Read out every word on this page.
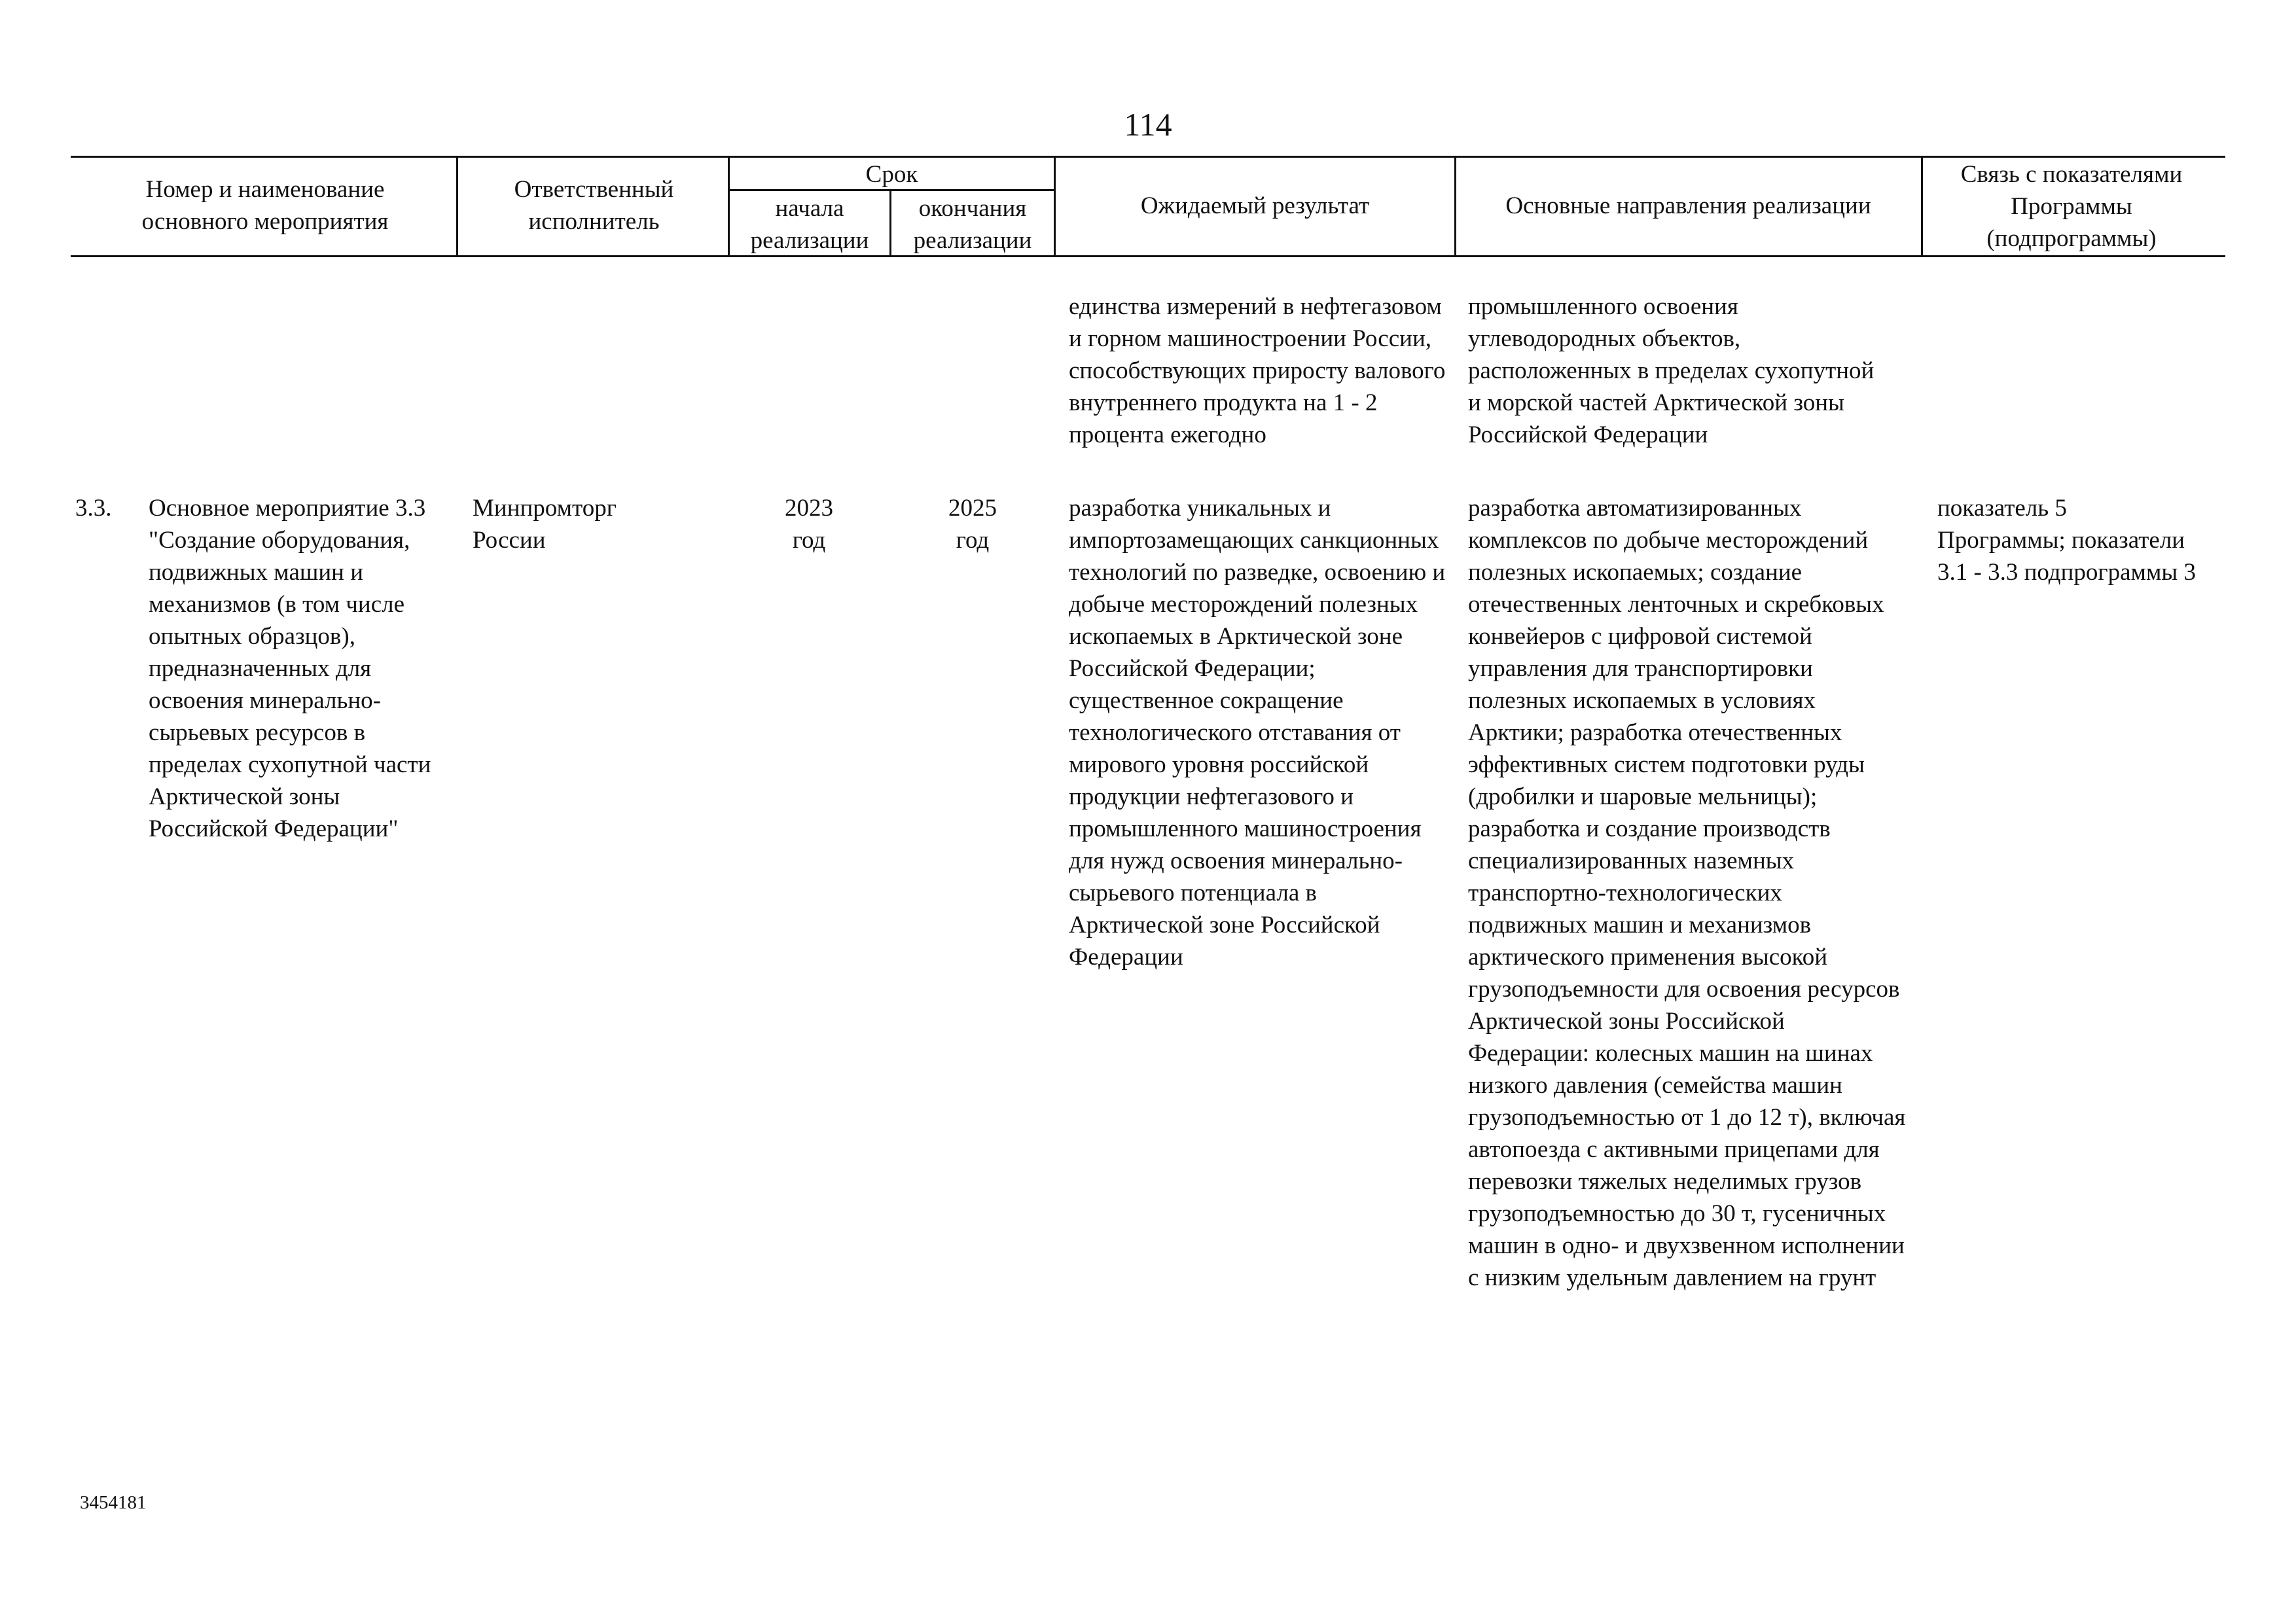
114
Номер и наименование основного мероприятия
Ответственный исполнитель
Срок
начала реализации
окончания реализации
Ожидаемый результат	Основные направления реализации
Связь с показателями Программы (подпрограммы)
единства измерений в нефтегазовом и горном машиностроении России, способствующих приросту валового внутреннего продукта на 1 - 2 процента ежегодно
промышленного освоения углеводородных объектов, расположенных в пределах сухопутной и морской частей Арктической зоны Российской Федерации
3.3.	Основное мероприятие 3.3 "Создание оборудования, подвижных машин и механизмов (в том числе опытных образцов), предназначенных для освоения минерально-сырьевых ресурсов в пределах сухопутной части Арктической зоны Российской Федерации"
Минпромторг России
2023 год
2025 год
разработка уникальных и импортозамещающих санкционных технологий по разведке, освоению и добыче месторождений полезных ископаемых в Арктической зоне Российской Федерации; существенное сокращение технологического отставания от мирового уровня российской продукции нефтегазового и промышленного машиностроения для нужд освоения минерально-сырьевого потенциала в Арктической зоне Российской Федерации
разработка автоматизированных комплексов по добыче месторождений полезных ископаемых; создание отечественных ленточных и скребковых конвейеров с цифровой системой управления для транспортировки полезных ископаемых в условиях Арктики; разработка отечественных эффективных систем подготовки руды (дробилки и шаровые мельницы); разработка и создание производств специализированных наземных транспортно-технологических подвижных машин и механизмов арктического применения высокой грузоподъемности для освоения ресурсов Арктической зоны Российской Федерации: колесных машин на шинах низкого давления (семейства машин грузоподъемностью от 1 до 12 т), включая автопоезда с активными прицепами для перевозки тяжелых неделимых грузов грузоподъемностью до 30 т, гусеничных машин в одно- и двухзвенном исполнении с низким удельным давлением на грунт
показатель 5 Программы; показатели 3.1 - 3.3 подпрограммы 3
3454181
